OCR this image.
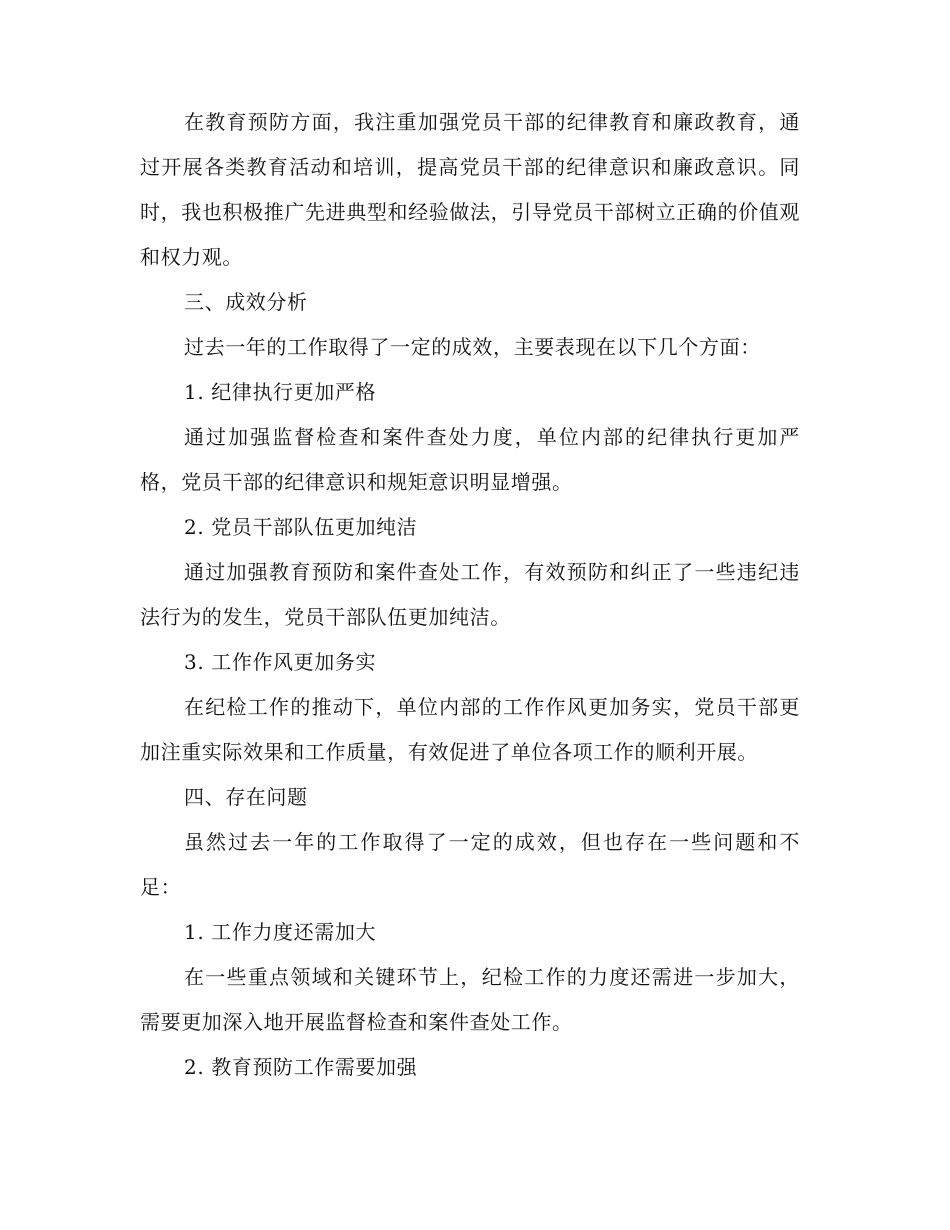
在教育预防方面，我注重加强党员干部的纪律教育和廉政教育，通过开展各类教育活动和培训，提高党员干部的纪律意识和廉政意识。同时，我也积极推广先进典型和经验做法，引导党员干部树立正确的价值观和权力观。

三、成效分析

过去一年的工作取得了一定的成效，主要表现在以下几个方面：

1. 纪律执行更加严格

通过加强监督检查和案件查处力度，单位内部的纪律执行更加严格，党员干部的纪律意识和规矩意识明显增强。

2. 党员干部队伍更加纯洁

通过加强教育预防和案件查处工作，有效预防和纠正了一些违纪违法行为的发生，党员干部队伍更加纯洁。

3. 工作作风更加务实

在纪检工作的推动下，单位内部的工作作风更加务实，党员干部更加注重实际效果和工作质量，有效促进了单位各项工作的顺利开展。

四、存在问题

虽然过去一年的工作取得了一定的成效，但也存在一些问题和不足：

1. 工作力度还需加大

在一些重点领域和关键环节上，纪检工作的力度还需进一步加大，需要更加深入地开展监督检查和案件查处工作。

2. 教育预防工作需要加强
